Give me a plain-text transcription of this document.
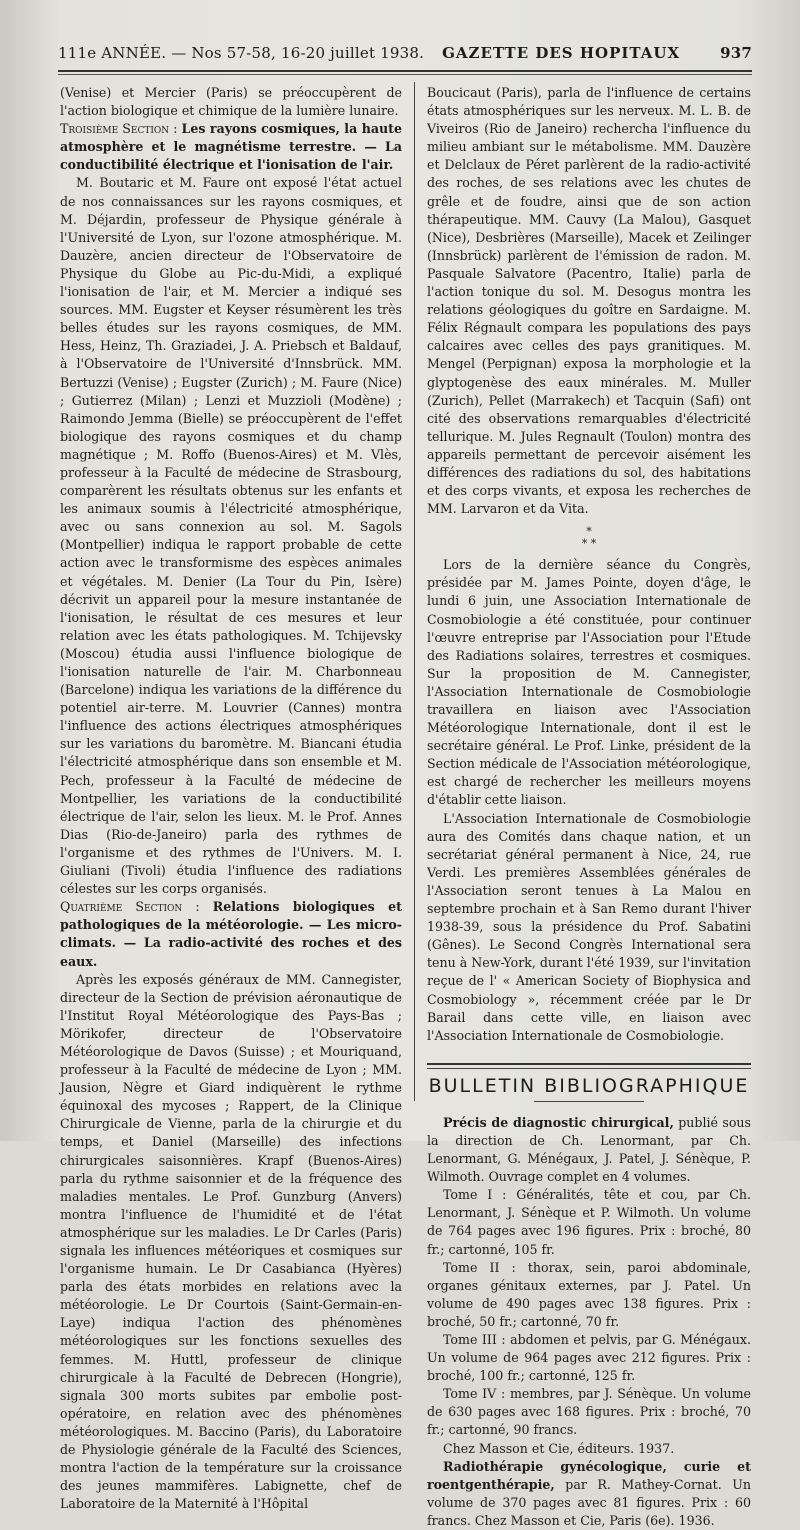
111e ANNÉE. — Nos 57-58, 16-20 juillet 1938. GAZETTE DES HOPITAUX	937

(Venise) et Mercier (Paris) se préoccupèrent de l'action biologique et chimique de la lumière lunaire.

Troisième Section : Les rayons cosmiques, la haute atmosphère et le magnétisme terrestre. — La conductibilité électrique et l'ionisation de l'air.

M. Boutaric et M. Faure ont exposé l'état actuel de nos connaissances sur les rayons cosmiques, et M. Déjardin, professeur de Physique générale à l'Université de Lyon, sur l'ozone atmosphérique. M. Dauzère, ancien directeur de l'Observatoire de Physique du Globe au Pic-du-Midi, a expliqué l'ionisation de l'air, et M. Mercier a indiqué ses sources. MM. Eugster et Keyser résumèrent les très belles études sur les rayons cosmiques, de MM. Hess, Heinz, Th. Graziadei, J. A. Priebsch et Baldauf, à l'Observatoire de l'Université d'Innsbrück. MM. Bertuzzi (Venise) ; Eugster (Zurich) ; M. Faure (Nice) ; Gutierrez (Milan) ; Lenzi et Muzzioli (Modène) ; Raimondo Jemma (Bielle) se préoccupèrent de l'effet biologique des rayons cosmiques et du champ magnétique ; M. Roffo (Buenos-Aires) et M. Vlès, professeur à la Faculté de médecine de Strasbourg, comparèrent les résultats obtenus sur les enfants et les animaux soumis à l'électricité atmosphérique, avec ou sans connexion au sol. M. Sagols (Montpellier) indiqua le rapport probable de cette action avec le transformisme des espèces animales et végétales. M. Denier (La Tour du Pin, Isère) décrivit un appareil pour la mesure instantanée de l'ionisation, le résultat de ces mesures et leur relation avec les états pathologiques. M. Tchijevsky (Moscou) étudia aussi l'influence biologique de l'ionisation naturelle de l'air. M. Charbonneau (Barcelone) indiqua les variations de la différence du potentiel air-terre. M. Louvrier (Cannes) montra l'influence des actions électriques atmosphériques sur les variations du baromètre. M. Biancani étudia l'électricité atmosphérique dans son ensemble et M. Pech, professeur à la Faculté de médecine de Montpellier, les variations de la conductibilité électrique de l'air, selon les lieux. M. le Prof. Annes Dias (Rio-de-Janeiro) parla des rythmes de l'organisme et des rythmes de l'Univers. M. I. Giuliani (Tivoli) étudia l'influence des radiations célestes sur les corps organisés.

Quatrième Section : Relations biologiques et pathologiques de la météorologie. — Les micro-climats. — La radio-activité des roches et des eaux.

Après les exposés généraux de MM. Cannegister, directeur de la Section de prévision aéronautique de l'Institut Royal Météorologique des Pays-Bas ; Mörikofer, directeur de l'Observatoire Météorologique de Davos (Suisse) ; et Mouriquand, professeur à la Faculté de médecine de Lyon ; MM. Jausion, Nègre et Giard indiquèrent le rythme équinoxal des mycoses ; Rappert, de la Clinique Chirurgicale de Vienne, parla de la chirurgie et du temps, et Daniel (Marseille) des infections chirurgicales saisonnières. Krapf (Buenos-Aires) parla du rythme saisonnier et de la fréquence des maladies mentales. Le Prof. Gunzburg (Anvers) montra l'influence de l'humidité et de l'état atmosphérique sur les maladies. Le Dr Carles (Paris) signala les influences météoriques et cosmiques sur l'organisme humain. Le Dr Casabianca (Hyères) parla des états morbides en relations avec la météorologie. Le Dr Courtois (Saint-Germain-en-Laye) indiqua l'action des phénomènes météorologiques sur les fonctions sexuelles des femmes. M. Huttl, professeur de clinique chirurgicale à la Faculté de Debrecen (Hongrie), signala 300 morts subites par embolie post-opératoire, en relation avec des phénomènes météorologiques. M. Baccino (Paris), du Laboratoire de Physiologie générale de la Faculté des Sciences, montra l'action de la température sur la croissance des jeunes mammifères. Labignette, chef de Laboratoire de la Maternité à l'Hôpital

Boucicaut (Paris), parla de l'influence de certains états atmosphériques sur les nerveux. M. L. B. de Viveiros (Rio de Janeiro) rechercha l'influence du milieu ambiant sur le métabolisme. MM. Dauzère et Delclaux de Péret parlèrent de la radio-activité des roches, de ses relations avec les chutes de grêle et de foudre, ainsi que de son action thérapeutique. MM. Cauvy (La Malou), Gasquet (Nice), Desbrières (Marseille), Macek et Zeilinger (Innsbrück) parlèrent de l'émission de radon. M. Pasquale Salvatore (Pacentro, Italie) parla de l'action tonique du sol. M. Desogus montra les relations géologiques du goître en Sardaigne. M. Félix Régnault compara les populations des pays calcaires avec celles des pays granitiques. M. Mengel (Perpignan) exposa la morphologie et la glyptogenèse des eaux minérales. M. Muller (Zurich), Pellet (Marrakech) et Tacquin (Safi) ont cité des observations remarquables d'électricité tellurique. M. Jules Regnault (Toulon) montra des appareils permettant de percevoir aisément les différences des radiations du sol, des habitations et des corps vivants, et exposa les recherches de MM. Larvaron et da Vita.

*
* *

Lors de la dernière séance du Congrès, présidée par M. James Pointe, doyen d'âge, le lundi 6 juin, une Association Internationale de Cosmobiologie a été constituée, pour continuer l'œuvre entreprise par l'Association pour l'Etude des Radiations solaires, terrestres et cosmiques. Sur la proposition de M. Cannegister, l'Association Internationale de Cosmobiologie travaillera en liaison avec l'Association Météorologique Internationale, dont il est le secrétaire général. Le Prof. Linke, président de la Section médicale de l'Association météorologique, est chargé de rechercher les meilleurs moyens d'établir cette liaison.

L'Association Internationale de Cosmobiologie aura des Comités dans chaque nation, et un secrétariat général permanent à Nice, 24, rue Verdi. Les premières Assemblées générales de l'Association seront tenues à La Malou en septembre prochain et à San Remo durant l'hiver 1938-39, sous la présidence du Prof. Sabatini (Gênes). Le Second Congrès International sera tenu à New-York, durant l'été 1939, sur l'invitation reçue de l' « American Society of Biophysica and Cosmobiology », récemment créée par le Dr Barail dans cette ville, en liaison avec l'Association Internationale de Cosmobiologie.

BULLETIN BIBLIOGRAPHIQUE

Précis de diagnostic chirurgical, publié sous la direction de Ch. Lenormant, par Ch. Lenormant, G. Ménégaux, J. Patel, J. Sénèque, P. Wilmoth. Ouvrage complet en 4 volumes.

Tome I : Généralités, tête et cou, par Ch. Lenormant, J. Sénèque et P. Wilmoth. Un volume de 764 pages avec 196 figures. Prix : broché, 80 fr.; cartonné, 105 fr.

Tome II : thorax, sein, paroi abdominale, organes génitaux externes, par J. Patel. Un volume de 490 pages avec 138 figures. Prix : broché, 50 fr.; cartonné, 70 fr.

Tome III : abdomen et pelvis, par G. Ménégaux. Un volume de 964 pages avec 212 figures. Prix : broché, 100 fr.; cartonné, 125 fr.

Tome IV : membres, par J. Sénèque. Un volume de 630 pages avec 168 figures. Prix : broché, 70 fr.; cartonné, 90 francs.

Chez Masson et Cie, éditeurs. 1937.

Radiothérapie gynécologique, curie et roentgenthérapie, par R. Mathey-Cornat. Un volume de 370 pages avec 81 figures. Prix : 60 francs. Chez Masson et Cie, Paris (6e). 1936.
